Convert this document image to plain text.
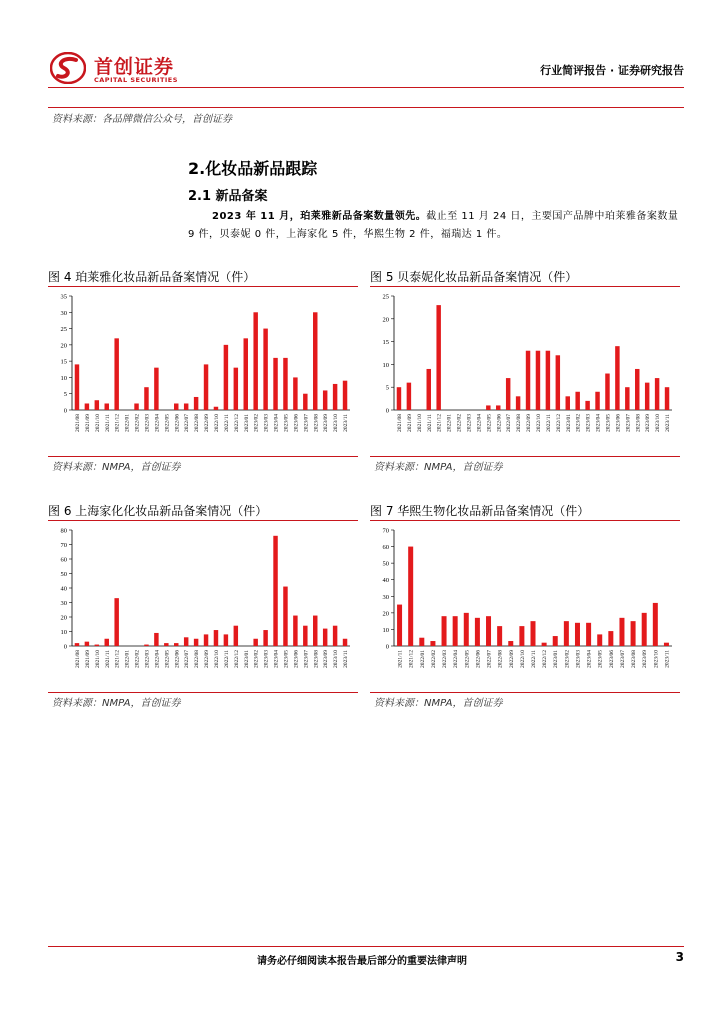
首创证券
CAPITAL SECURITIES
行业简评报告 · 证券研究报告
资料来源：各品牌微信公众号，首创证券
2.化妆品新品跟踪
2.1 新品备案
2023 年 11 月，珀莱雅新品备案数量领先。截止至 11 月 24 日，主要国产品牌中珀莱雅备案数量 9 件，贝泰妮 0 件，上海家化 5 件，华熙生物 2 件，福瑞达 1 件。
图 4 珀莱雅化妆品新品备案情况（件）
0
5
10
15
20
25
30
35
2021/08 2021/09 2021/10 2021/11 2021/12 2022/01 2022/02 2022/03 2022/04 2022/05 2022/06 2022/07 2022/08 2022/09 2022/10 2022/11 2022/12 2023/01 2023/02 2023/03 2023/04 2023/05 2023/06 2023/07 2023/08 2023/09 2023/10 2023/11
资料来源：NMPA，首创证券
图 5 贝泰妮化妆品新品备案情况（件）
0
5
10
15
20
25
2021/08 2021/09 2021/10 2021/11 2021/12 2022/01 2022/02 2022/03 2022/04 2022/05 2022/06 2022/07 2022/08 2022/09 2022/10 2022/11 2022/12 2023/01 2023/02 2023/03 2023/04 2023/05 2023/06 2023/07 2023/08 2023/09 2023/10 2023/11
资料来源：NMPA，首创证券
图 6 上海家化化妆品新品备案情况（件）
0
10
20
30
40
50
60
70
80
2021/08 2021/09 2021/10 2021/11 2021/12 2022/01 2022/02 2022/03 2022/04 2022/05 2022/06 2022/07 2022/08 2022/09 2022/10 2022/11 2022/12 2023/01 2023/02 2023/03 2023/04 2023/05 2023/06 2023/07 2023/08 2023/09 2023/10 2023/11
资料来源：NMPA，首创证券
图 7 华熙生物化妆品新品备案情况（件）
0
10
20
30
40
50
60
70
2021/11 2021/12 2022/01 2022/02 2022/03 2022/04 2022/05 2022/06 2022/07 2022/08 2022/09 2022/10 2022/11 2022/12 2023/01 2023/02 2023/03 2023/04 2023/05 2023/06 2023/07 2023/08 2023/09 2023/10 2023/11
资料来源：NMPA，首创证券
请务必仔细阅读本报告最后部分的重要法律声明	3
